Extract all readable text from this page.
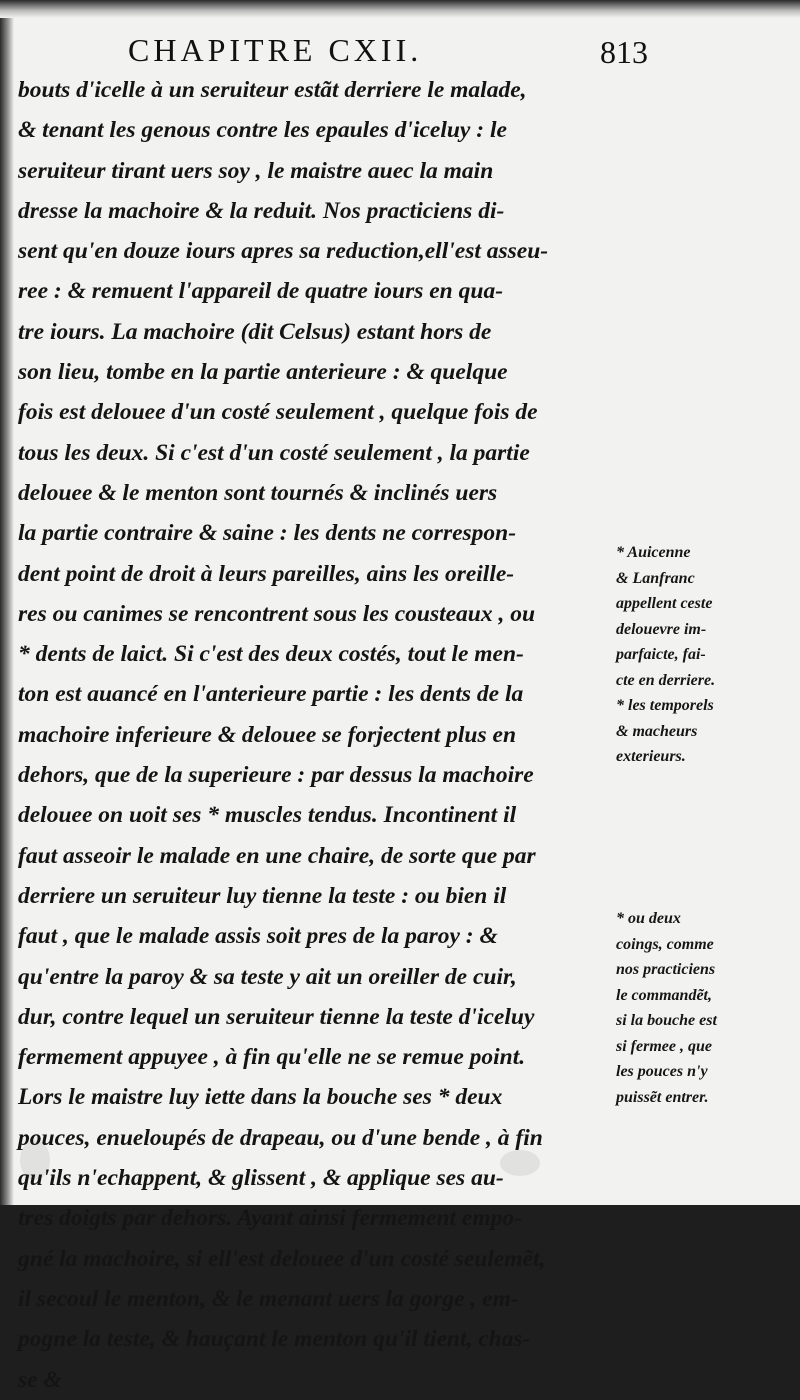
CHAPITRE CXII.	813
bouts d'icelle à un seruiteur estãt derriere le malade,
& tenant les genous contre les epaules d'iceluy : le
seruiteur tirant uers soy , le maistre auec la main
dresse la machoire & la reduit. Nos practiciens di-
sent qu'en douze iours apres sa reduction,ell'est asseu-
ree : & remuent l'appareil de quatre iours en qua-
tre iours. La machoire (dit Celsus) estant hors de
son lieu, tombe en la partie anterieure : & quelque
fois est delouee d'un costé seulement , quelque fois de
tous les deux. Si c'est d'un costé seulement , la partie
delouee & le menton sont tournés & inclinés uers
la partie contraire & saine : les dents ne correspon-
dent point de droit à leurs pareilles, ains les oreille-
res ou canimes se rencontrent sous les cousteaux , ou
* dents de laict. Si c'est des deux costés, tout le men-
ton est auancé en l'anterieure partie : les dents de la
machoire inferieure & delouee se forjectent plus en
dehors, que de la superieure : par dessus la machoire
delouee on uoit ses * muscles tendus. Incontinent il
faut asseoir le malade en une chaire, de sorte que par
derriere un seruiteur luy tienne la teste : ou bien il
faut , que le malade assis soit pres de la paroy : &
qu'entre la paroy & sa teste y ait un oreiller de cuir,
dur, contre lequel un seruiteur tienne la teste d'iceluy
fermement appuyee , à fin qu'elle ne se remue point.
Lors le maistre luy iette dans la bouche ses * deux
pouces, enueloupés de drapeau, ou d'une bende , à fin
qu'ils n'echappent, & glissent , & applique ses au-
tres doigts par dehors. Ayant ainsi fermement empo-
gné la machoire, si ell'est delouee d'un costé seulemẽt,
il secoul le menton, & le menant uers la gorge , em-
pogne la teste, & hauçant le menton qu'il tient, chas-
se &
* Auicenne
& Lanfranc
appellent ceste
delouevre im-
parfaicte, fai-
cte en derriere.
* les temporels
& macheurs
exterieurs.

* ou deux
coings, comme
nos practiciens
le commandẽt,
si la bouche est
si fermee , que
les pouces n'y
puissẽt entrer.
